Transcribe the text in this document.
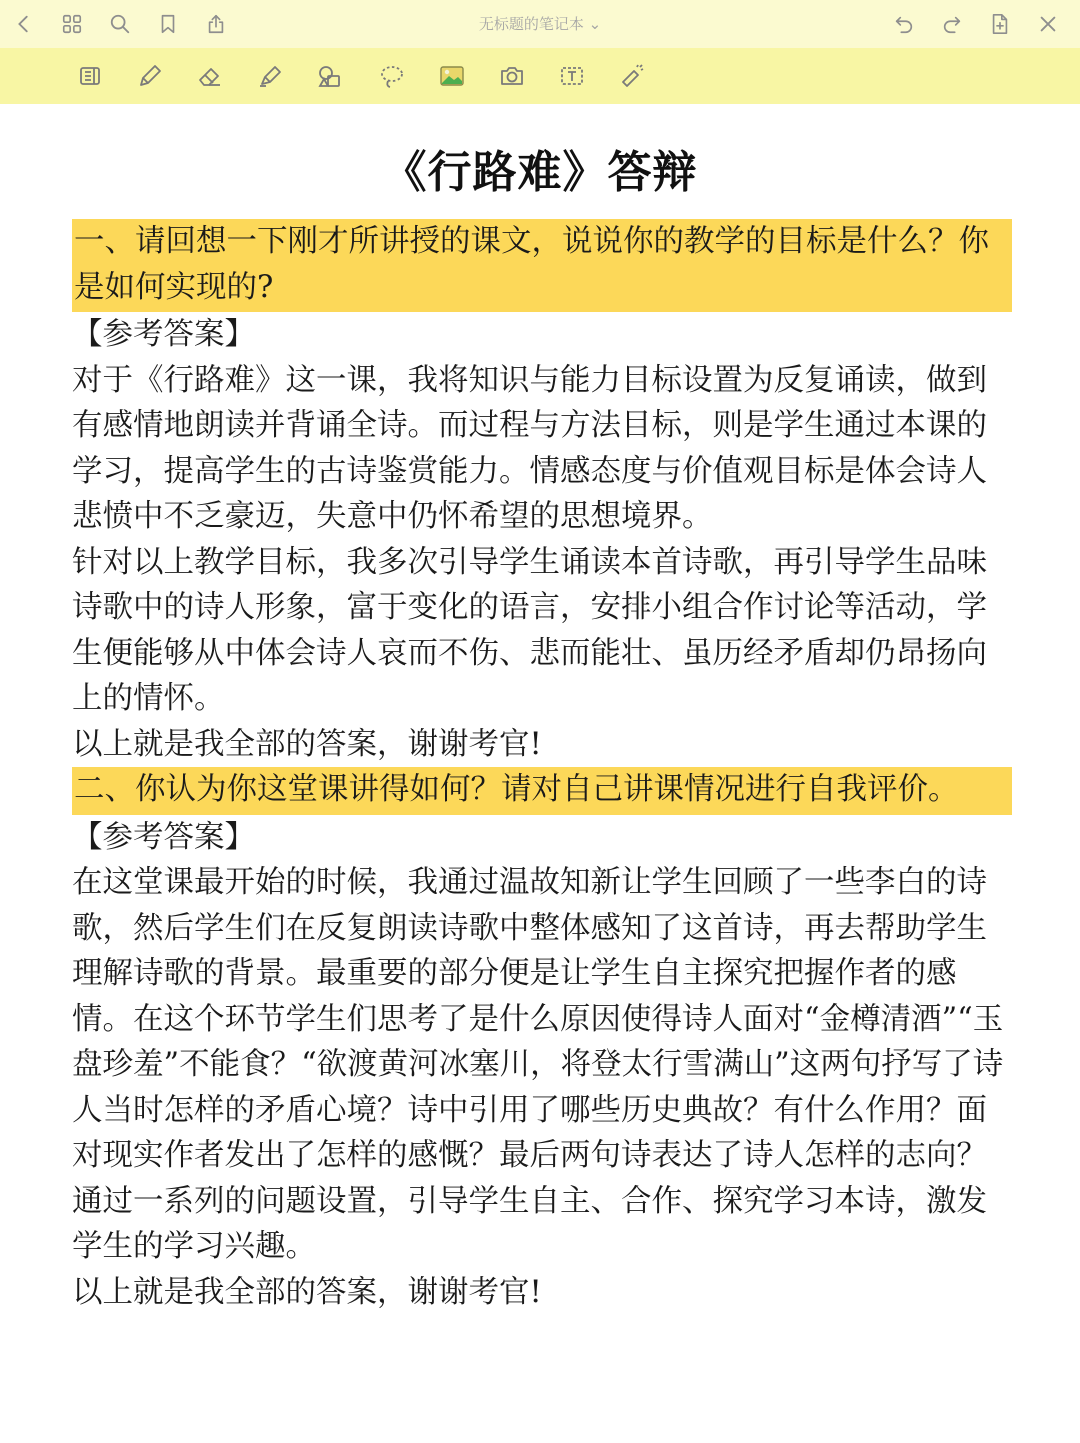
无标题的笔记本 ⌄
《行路难》答辩

一、请回想一下刚才所讲授的课文，说说你的教学的目标是什么？你是如何实现的?

【参考答案】

对于《行路难》这一课，我将知识与能力目标设置为反复诵读，做到有感情地朗读并背诵全诗。而过程与方法目标，则是学生通过本课的学习，提高学生的古诗鉴赏能力。情感态度与价值观目标是体会诗人悲愤中不乏豪迈，失意中仍怀希望的思想境界。

针对以上教学目标，我多次引导学生诵读本首诗歌，再引导学生品味诗歌中的诗人形象，富于变化的语言，安排小组合作讨论等活动，学生便能够从中体会诗人哀而不伤、悲而能壮、虽历经矛盾却仍昂扬向上的情怀。

以上就是我全部的答案，谢谢考官!

二、你认为你这堂课讲得如何？请对自己讲课情况进行自我评价。

【参考答案】

在这堂课最开始的时候，我通过温故知新让学生回顾了一些李白的诗歌，然后学生们在反复朗读诗歌中整体感知了这首诗，再去帮助学生理解诗歌的背景。最重要的部分便是让学生自主探究把握作者的感情。在这个环节学生们思考了是什么原因使得诗人面对“金樽清酒”“玉盘珍羞”不能食？“欲渡黄河冰塞川，将登太行雪满山”这两句抒写了诗人当时怎样的矛盾心境？诗中引用了哪些历史典故？有什么作用？面对现实作者发出了怎样的感慨？最后两句诗表达了诗人怎样的志向？通过一系列的问题设置，引导学生自主、合作、探究学习本诗，激发学生的学习兴趣。

以上就是我全部的答案，谢谢考官!
